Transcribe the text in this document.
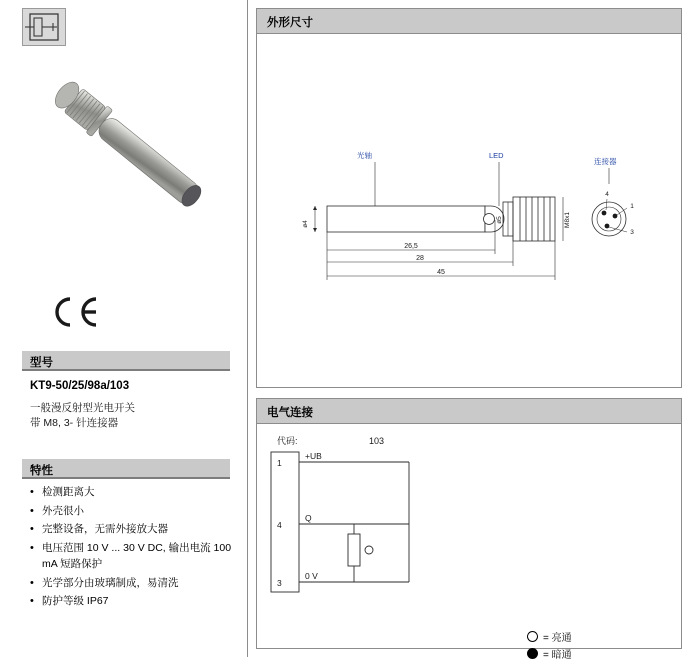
型号
KT9-50/25/98a/103
一般漫反射型光电开关
带 M8, 3- 针连接器
特性
• 检测距离大
• 外壳很小
• 完整设备，无需外接放大器
• 电压范围 10 V ... 30 V DC, 输出电流 100 mA 短路保护
• 光学部分由玻璃制成，易清洗
• 防护等级 IP67
外形尺寸
光轴	LED
连接器
ø4
ø5	M8x1
26,5
28
45
4
1
3
电气连接
代码:	103
1
4
3
+UB
Q
0 V
= 亮通
= 暗通
